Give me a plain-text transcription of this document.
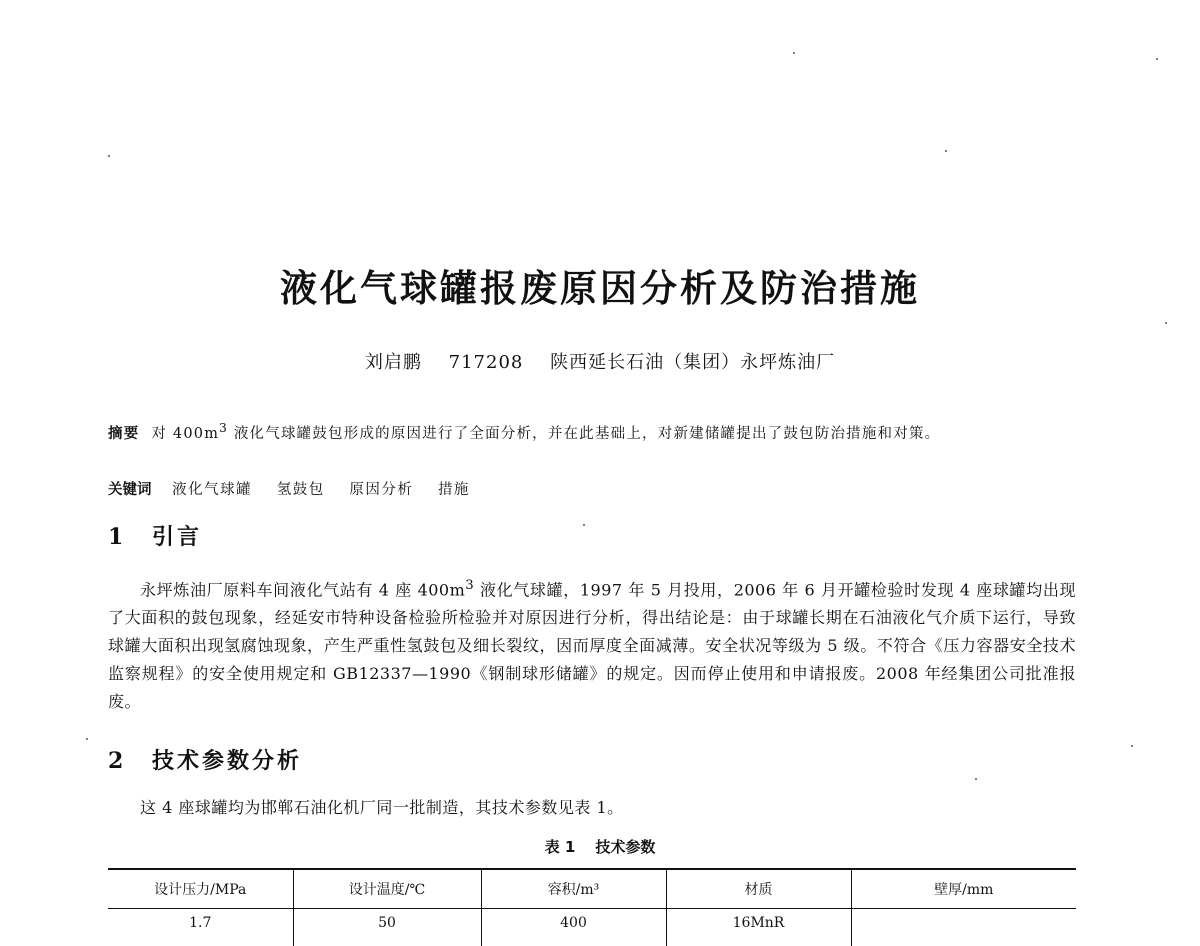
液化气球罐报废原因分析及防治措施
刘启鹏 717208 陕西延长石油（集团）永坪炼油厂
摘要 对 $400m^3$ 液化气球罐鼓包形成的原因进行了全面分析，并在此基础上，对新建储罐提出了鼓包防治措施和对策。
关键词 液化气球罐 氢鼓包 原因分析 措施
1 引言
永坪炼油厂原料车间液化气站有 4 座 $400m^3$ 液化气球罐，1997 年 5 月投用，2006 年 6 月开罐检验时发现 4 座球罐均出现了大面积的鼓包现象，经延安市特种设备检验所检验并对原因进行分析，得出结论是：由于球罐长期在石油液化气介质下运行，导致球罐大面积出现氢腐蚀现象，产生严重性氢鼓包及细长裂纹，因而厚度全面减薄。安全状况等级为 5 级。不符合《压力容器安全技术监察规程》的安全使用规定和 GB12337—1990《钢制球形储罐》的规定。因而停止使用和申请报废。2008 年经集团公司批准报废。
2 技术参数分析
这 4 座球罐均为邯郸石油化机厂同一批制造，其技术参数见表 1。
表 1 技术参数
设计压力/MPa	设计温度/℃	容积/m³	材质	壁厚/mm
1.7	50	400	16MnR	
